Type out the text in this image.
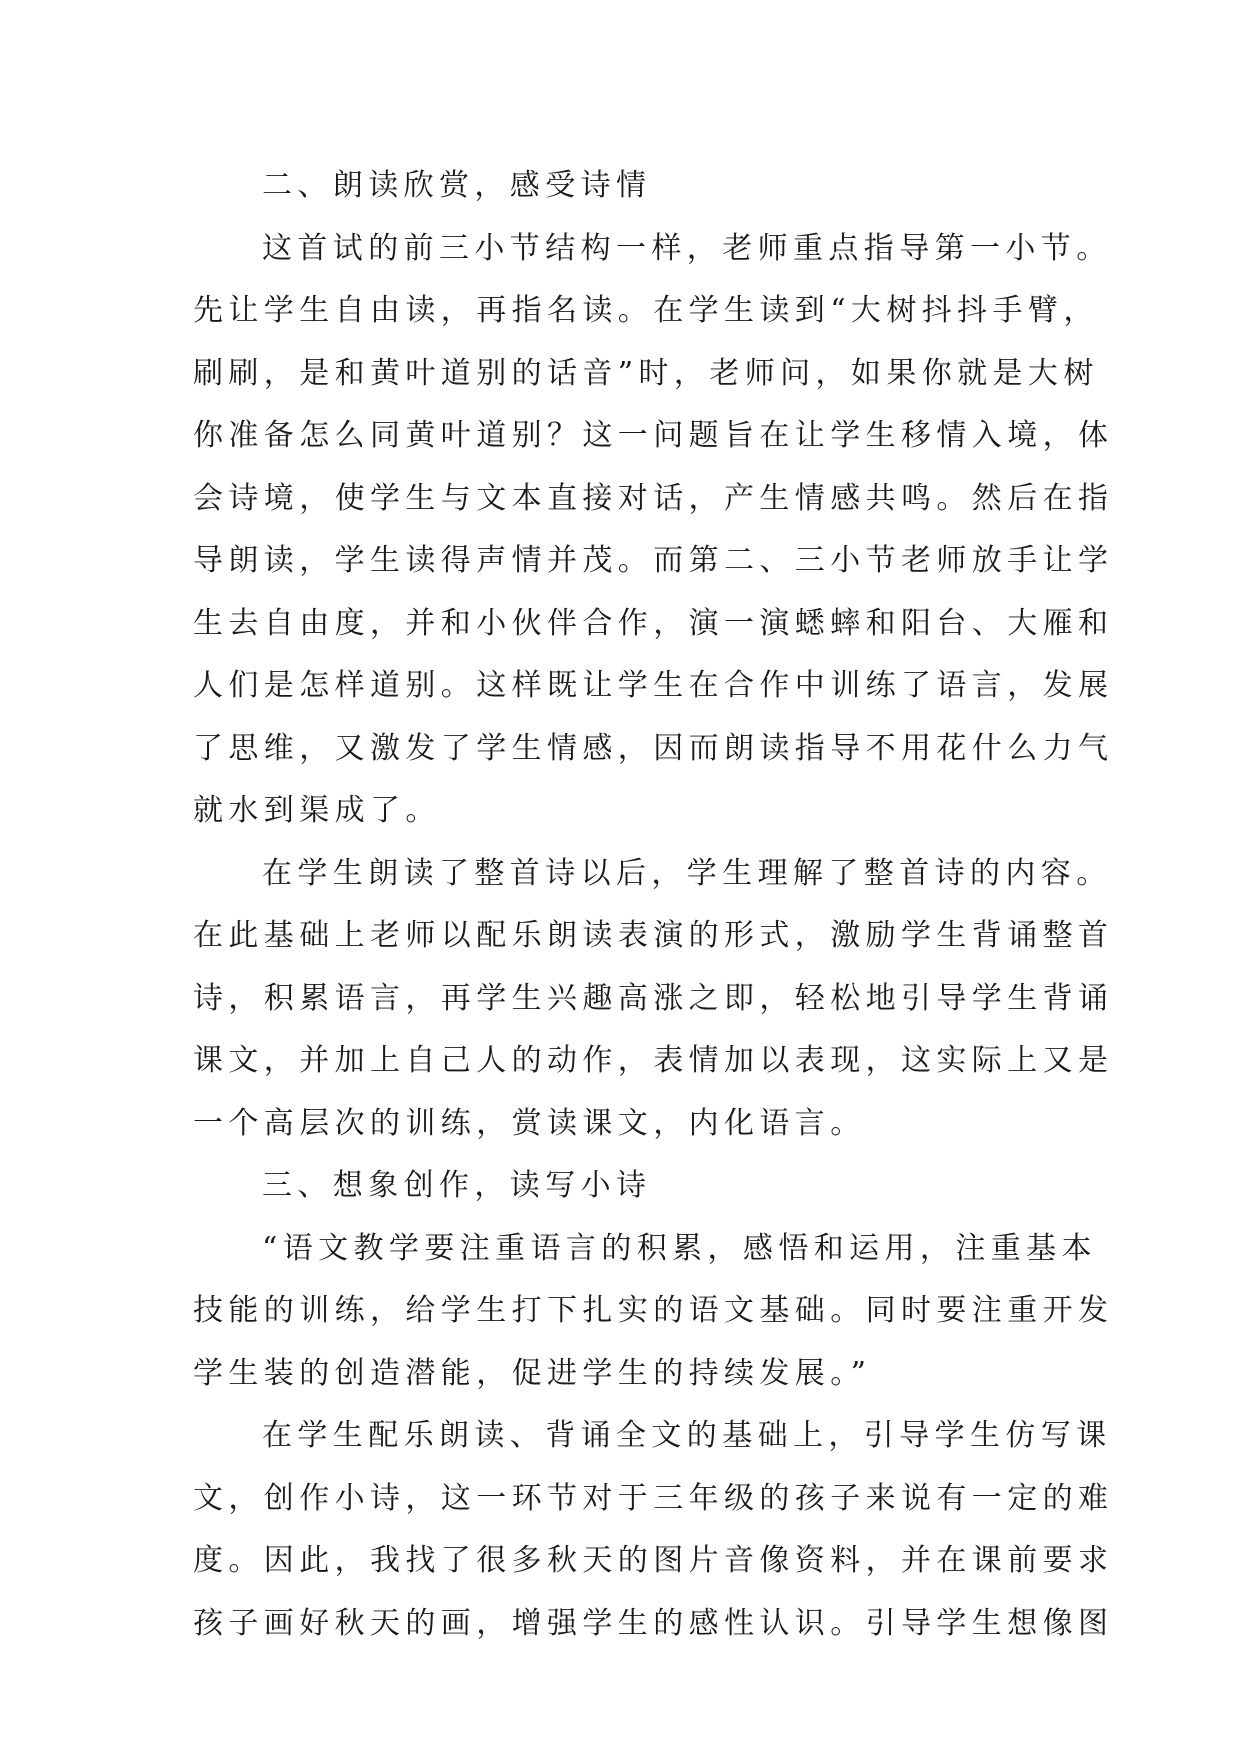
二、朗读欣赏，感受诗情
这首试的前三小节结构一样，老师重点指导第一小节。
先让学生自由读，再指名读。在学生读到“大树抖抖手臂，
刷刷，是和黄叶道别的话音”时，老师问，如果你就是大树
你准备怎么同黄叶道别？这一问题旨在让学生移情入境，体
会诗境，使学生与文本直接对话，产生情感共鸣。然后在指
导朗读，学生读得声情并茂。而第二、三小节老师放手让学
生去自由度，并和小伙伴合作，演一演蟋蟀和阳台、大雁和
人们是怎样道别。这样既让学生在合作中训练了语言，发展
了思维，又激发了学生情感，因而朗读指导不用花什么力气
就水到渠成了。
在学生朗读了整首诗以后，学生理解了整首诗的内容。
在此基础上老师以配乐朗读表演的形式，激励学生背诵整首
诗，积累语言，再学生兴趣高涨之即，轻松地引导学生背诵
课文，并加上自己人的动作，表情加以表现，这实际上又是
一个高层次的训练，赏读课文，内化语言。
三、想象创作，读写小诗
“语文教学要注重语言的积累，感悟和运用，注重基本
技能的训练，给学生打下扎实的语文基础。同时要注重开发
学生装的创造潜能，促进学生的持续发展。”
在学生配乐朗读、背诵全文的基础上，引导学生仿写课
文，创作小诗，这一环节对于三年级的孩子来说有一定的难
度。因此，我找了很多秋天的图片音像资料，并在课前要求
孩子画好秋天的画，增强学生的感性认识。引导学生想像图
